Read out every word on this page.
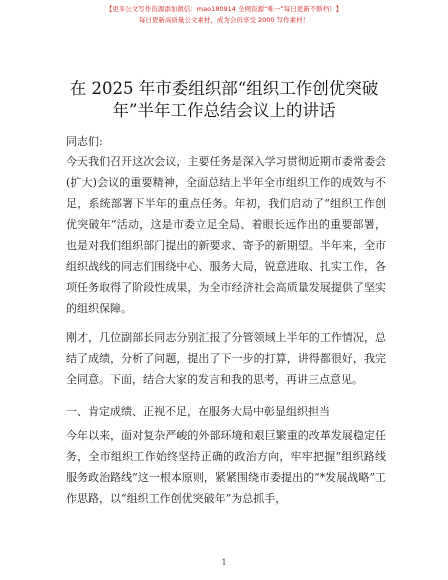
【更多公文写作资源添加微信：mao180914 全网资源“唯一”每日更新不断档！】
每日更新高质量公文素材，成为会员享受 2000 写作素材！
在 2025 年市委组织部“组织工作创优突破
年”半年工作总结会议上的讲话

同志们:

今天我们召开这次会议，主要任务是深入学习贯彻近期市委常委会(扩大)会议的重要精神，全面总结上半年全市组织工作的成效与不足，系统部署下半年的重点任务。年初，我们启动了“组织工作创优突破年”活动，这是市委立足全局、着眼长远作出的重要部署，也是对我们组织部门提出的新要求、寄予的新期望。半年来，全市组织战线的同志们围绕中心、服务大局，锐意进取、扎实工作，各项任务取得了阶段性成果，为全市经济社会高质量发展提供了坚实的组织保障。

刚才，几位副部长同志分别汇报了分管领域上半年的工作情况，总结了成绩，分析了问题，提出了下一步的打算，讲得都很好，我完全同意。下面，结合大家的发言和我的思考，再讲三点意见。

一、肯定成绩、正视不足，在服务大局中彰显组织担当

今年以来，面对复杂严峻的外部环境和艰巨繁重的改革发展稳定任务，全市组织工作始终坚持正确的政治方向，牢牢把握“组织路线服务政治路线”这一根本原则，紧紧围绕市委提出的“*发展战略”工作思路，以“组织工作创优突破年”为总抓手，

1
